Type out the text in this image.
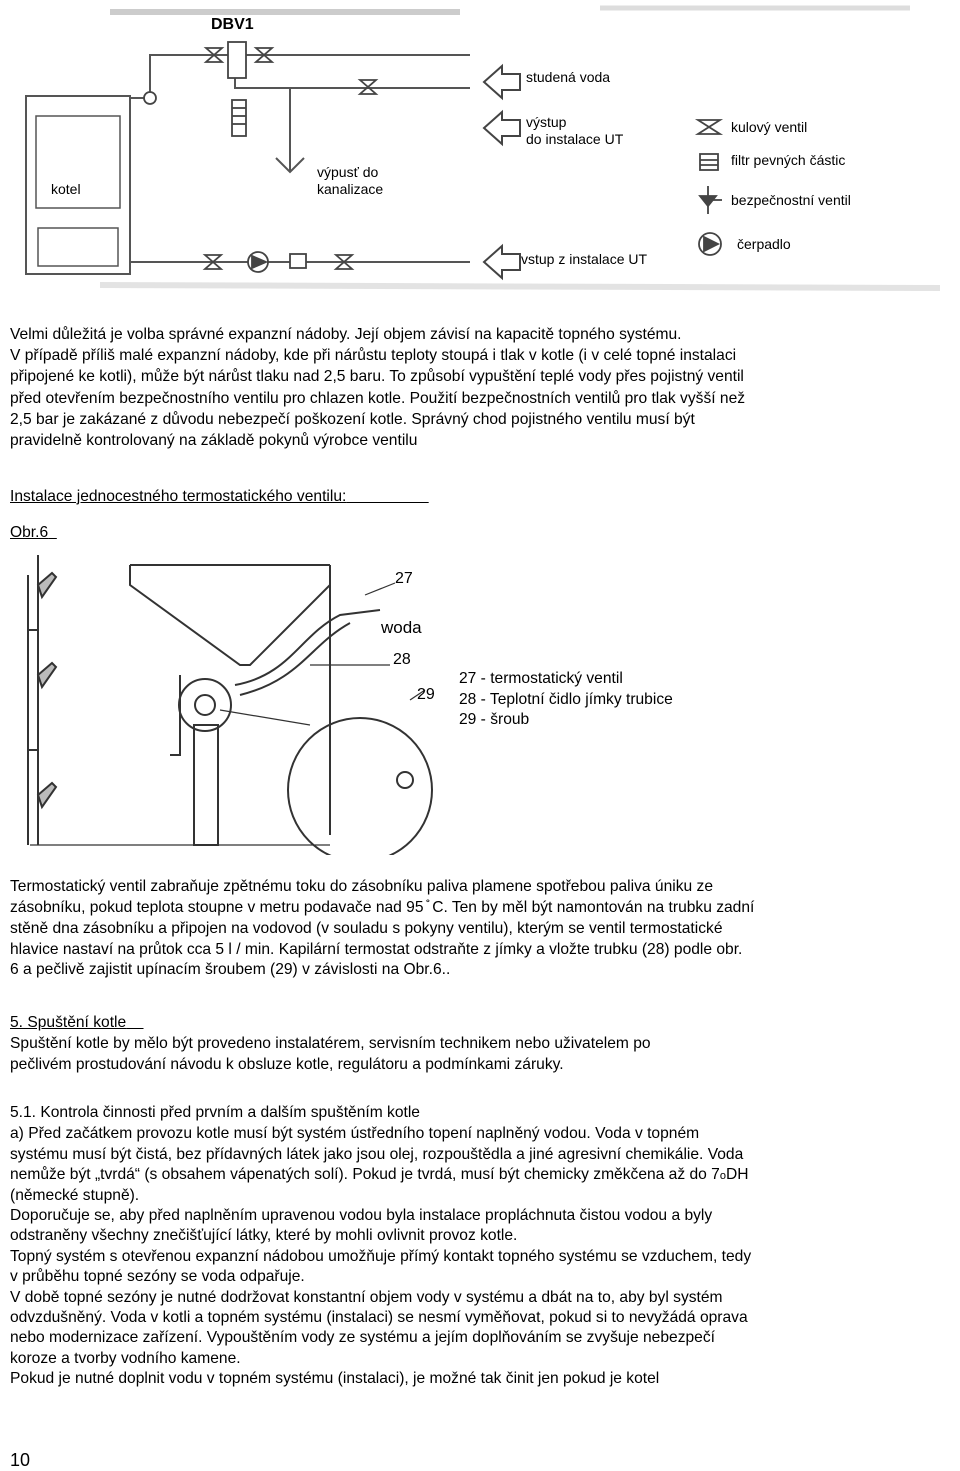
DBV1
kotel
výpusť do
kanalizace
studená voda
výstup
do instalace UT
vstup z instalace UT
kulový ventil
filtr pevných částic
bezpečnostní ventil
čerpadlo
Velmi důležitá je volba správné expanzní nádoby. Její objem závisí na kapacitě topného systému.
V případě příliš malé expanzní nádoby, kde při nárůstu teploty stoupá i tlak v kotle (i v celé topné instalaci
připojené ke kotli), může být nárůst tlaku nad 2,5 baru. To způsobí vypuštění teplé vody přes pojistný ventil
před otevřením bezpečnostního ventilu pro chlazen kotle. Použití bezpečnostních ventilů pro tlak vyšší než
2,5 bar je zakázané z důvodu nebezpečí poškození kotle. Správný chod pojistného ventilu musí být
pravidelně kontrolovaný na základě pokynů výrobce ventilu
Instalace jednocestného termostatického ventilu:
Obr.6
27
woda
28
29
27 - termostatický ventil
28 - Teplotní čidlo jímky trubice
29 - šroub
Termostatický ventil zabraňuje zpětnému toku do zásobníku paliva plamene spotřebou paliva úniku ze
zásobníku, pokud teplota stoupne v metru podavače nad 95 ̊ C. Ten by měl být namontován na trubku zadní
stěně dna zásobníku a připojen na vodovod (v souladu s pokyny ventilu), kterým se ventil termostatické
hlavice nastaví na průtok cca 5 l / min. Kapilární termostat odstraňte z jímky a vložte trubku (28) podle obr.
6 a pečlivě zajistit upínacím šroubem (29) v závislosti na Obr.6..
5. Spuštění kotle
Spuštění kotle by mělo být provedeno instalatérem, servisním technikem nebo uživatelem po
pečlivém prostudování návodu k obsluze kotle, regulátoru a podmínkami záruky.
5.1. Kontrola činnosti před prvním a dalším spuštěním kotle
a) Před začátkem provozu kotle musí být systém ústředního topení naplněný vodou. Voda v topném
systému musí být čistá, bez přídavných látek jako jsou olej, rozpouštědla a jiné agresivní chemikálie. Voda
nemůže být „tvrdá“ (s obsahem vápenatých solí). Pokud je tvrdá, musí být chemicky změkčena až do 7oDH
(německé stupně).
Doporučuje se, aby před naplněním upravenou vodou byla instalace propláchnuta čistou vodou a byly
odstraněny všechny znečišťující látky, které by mohli ovlivnit provoz kotle.
Topný systém s otevřenou expanzní nádobou umožňuje přímý kontakt topného systému se vzduchem, tedy
v průběhu topné sezóny se voda odpařuje.
V době topné sezóny je nutné dodržovat konstantní objem vody v systému a dbát na to, aby byl systém
odvzdušněný. Voda v kotli a topném systému (instalaci) se nesmí vyměňovat, pokud si to nevyžádá oprava
nebo modernizace zařízení. Vypouštěním vody ze systému a jejím doplňováním se zvyšuje nebezpečí
koroze a tvorby vodního kamene.
Pokud je nutné doplnit vodu v topném systému (instalaci), je možné tak činit jen pokud je kotel
10
